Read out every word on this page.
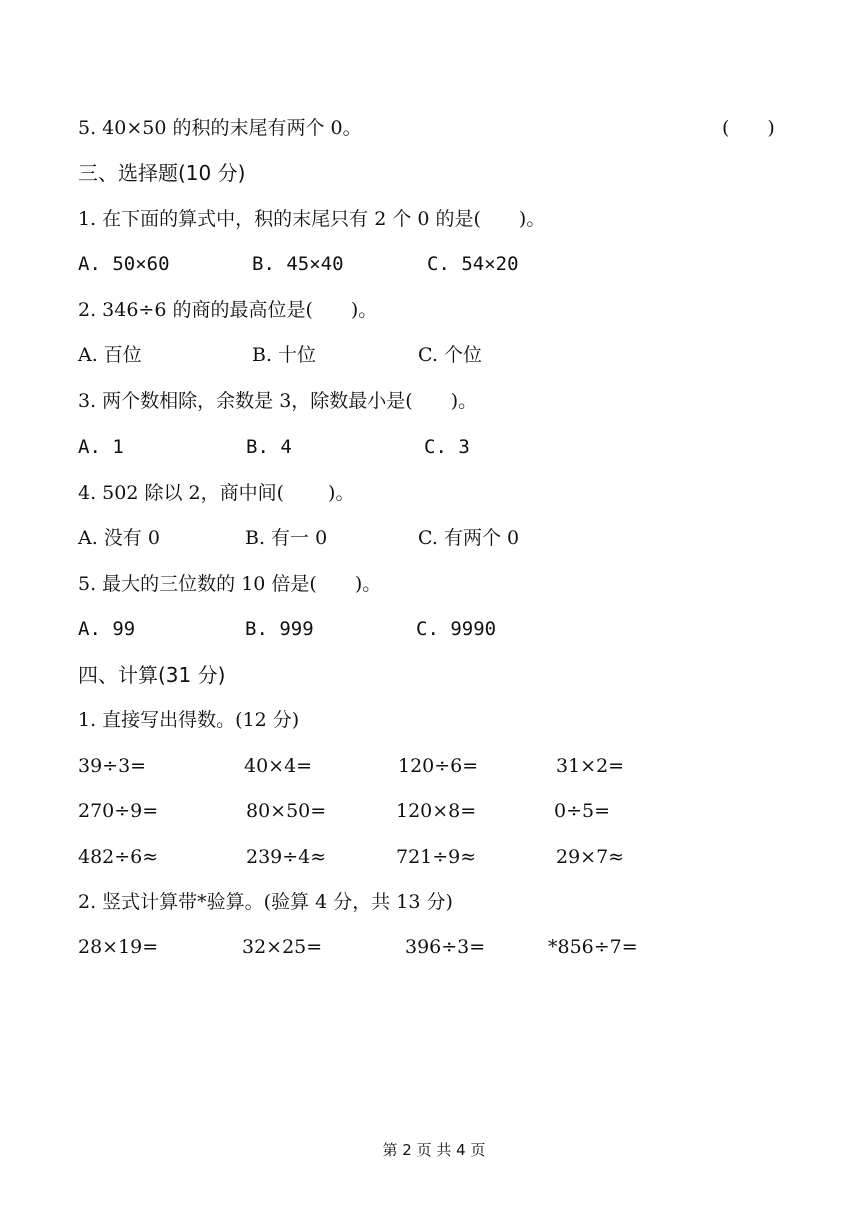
5. 40×50 的积的末尾有两个 0。	(　　)
三、选择题(10 分)
1. 在下面的算式中，积的末尾只有 2 个 0 的是(　　)。
A. 50×60	B. 45×40	C. 54×20
2. 346÷6 的商的最高位是(　　)。
A. 百位	B. 十位	C. 个位
3. 两个数相除，余数是 3，除数最小是(　　)。
A. 1	B. 4	C. 3
4. 502 除以 2，商中间(　　 )。
A. 没有 0	B. 有一 0	C. 有两个 0
5. 最大的三位数的 10 倍是(　　)。
A. 99	B. 999	C. 9990
四、计算(31 分)
1. 直接写出得数。(12 分)
39÷3=	40×4=	120÷6=	31×2=
270÷9=	80×50=	120×8=	0÷5=
482÷6≈	239÷4≈	721÷9≈	29×7≈
2. 竖式计算带*验算。(验算 4 分，共 13 分)
28×19=	32×25=	396÷3=	*856÷7=
第 2 页 共 4 页
